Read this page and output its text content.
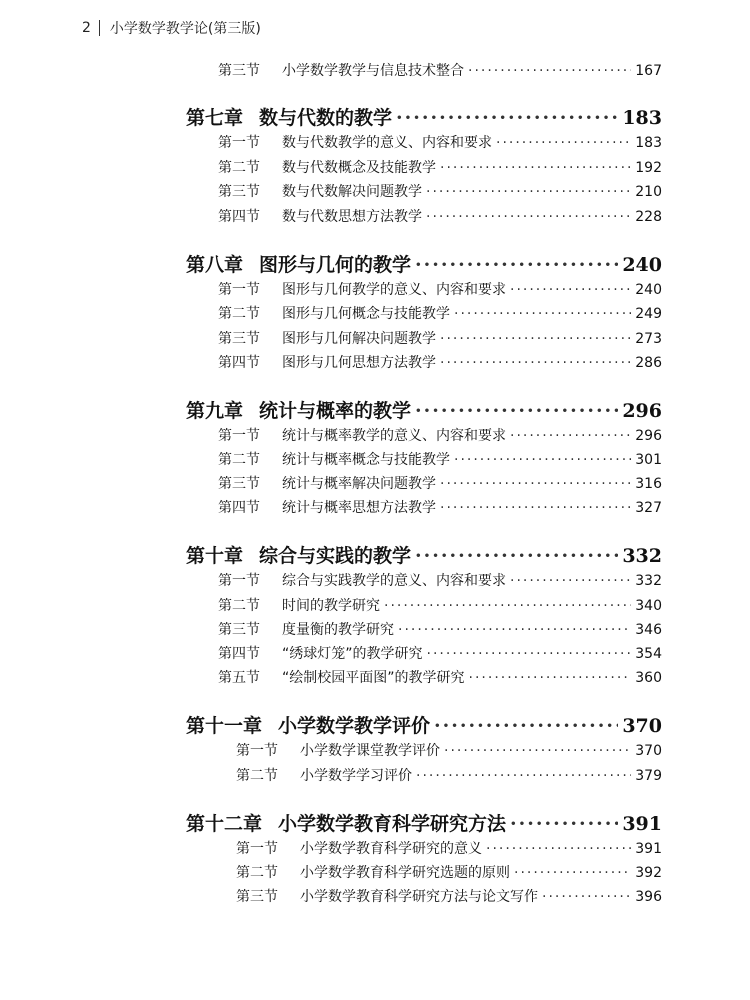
2 小学数学教学论(第三版)
第三节 小学数学教学与信息技术整合 ·····	167
第七章 数与代数的教学 ·····	183
第一节 数与代数教学的意义、内容和要求 ·····	183
第二节 数与代数概念及技能教学 ·····	192
第三节 数与代数解决问题教学 ·····	210
第四节 数与代数思想方法教学 ·····	228
第八章 图形与几何的教学 ·····	240
第一节 图形与几何教学的意义、内容和要求 ·····	240
第二节 图形与几何概念与技能教学 ·····	249
第三节 图形与几何解决问题教学 ·····	273
第四节 图形与几何思想方法教学 ·····	286
第九章 统计与概率的教学 ·····	296
第一节 统计与概率教学的意义、内容和要求 ·····	296
第二节 统计与概率概念与技能教学 ·····	301
第三节 统计与概率解决问题教学 ·····	316
第四节 统计与概率思想方法教学 ·····	327
第十章 综合与实践的教学 ·····	332
第一节 综合与实践教学的意义、内容和要求 ·····	332
第二节 时间的教学研究 ·····	340
第三节 度量衡的教学研究 ·····	346
第四节 “绣球灯笼”的教学研究 ·····	354
第五节 “绘制校园平面图”的教学研究 ·····	360
第十一章 小学数学教学评价 ·····	370
第一节 小学数学课堂教学评价 ·····	370
第二节 小学数学学习评价 ·····	379
第十二章 小学数学教育科学研究方法 ·····	391
第一节 小学数学教育科学研究的意义 ·····	391
第二节 小学数学教育科学研究选题的原则 ·····	392
第三节 小学数学教育科学研究方法与论文写作 ·····	396
